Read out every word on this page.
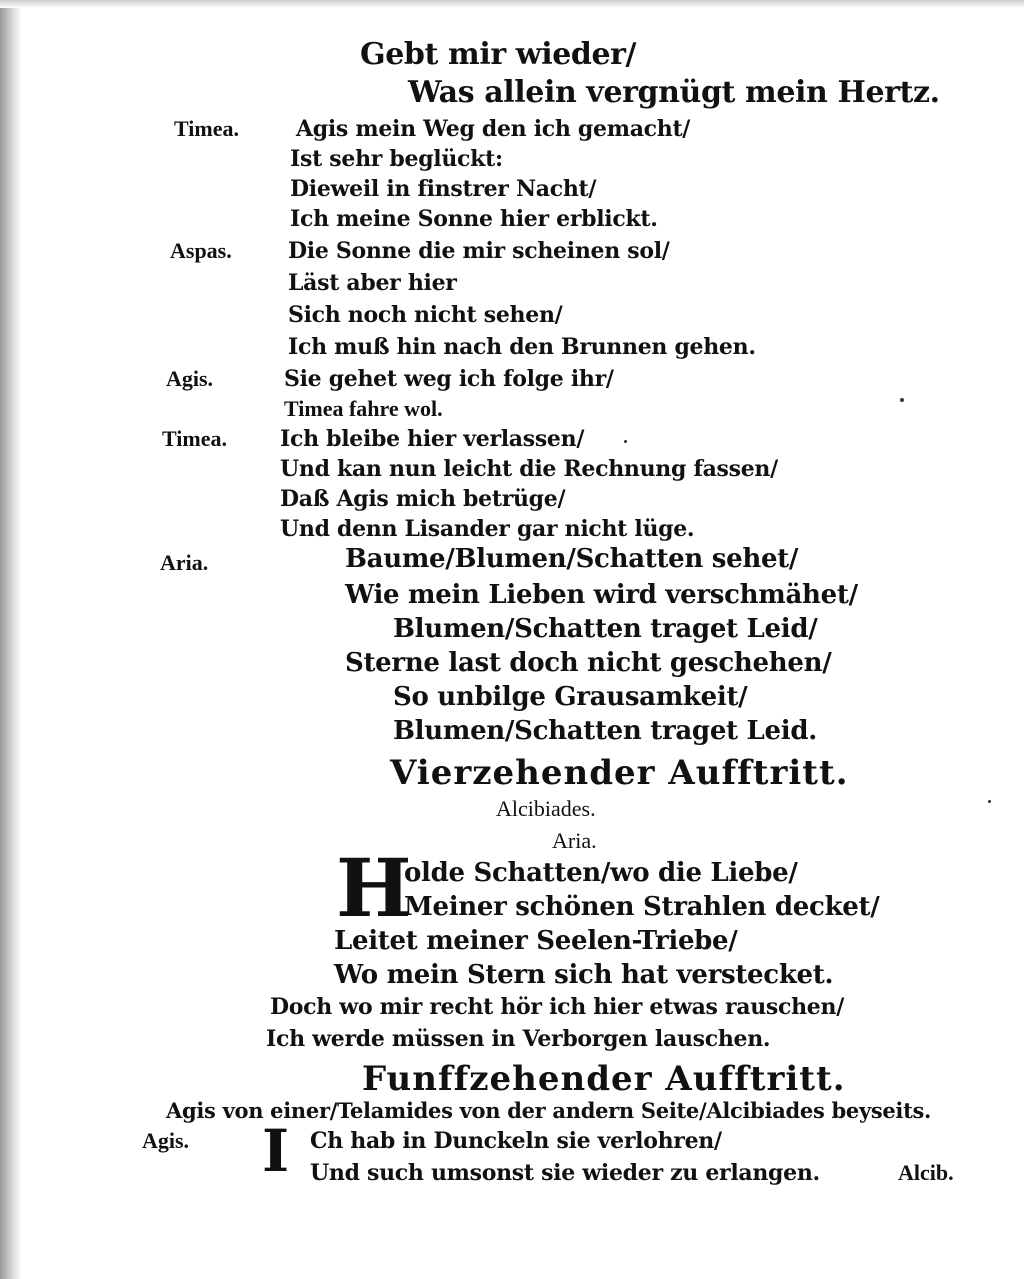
Gebt mir wieder/
Was allein vergnügt mein Hertz.
Timea.	Agis mein Weg den ich gemacht/
Ist sehr beglückt:
Dieweil in finstrer Nacht/
Ich meine Sonne hier erblickt.
Aspas.	Die Sonne die mir scheinen sol/
Läst aber hier
Sich noch nicht sehen/
Ich muß hin nach den Brunnen gehen.
Agis.	Sie gehet weg ich folge ihr/
Timea fahre wol.
Timea. Ich bleibe hier verlassen/
Und kan nun leicht die Rechnung fassen/
Daß Agis mich betrüge/
Und denn Lisander gar nicht lüge.
Aria.	Baume/Blumen/Schatten sehet/
Wie mein Lieben wird verschmähet/
Blumen/Schatten traget Leid/
Sterne last doch nicht geschehen/
So unbilge Grausamkeit/
Blumen/Schatten traget Leid.
Vierzehender Aufftritt.
Alcibiades.
Aria.
H
olde Schatten/wo die Liebe/
Meiner schönen Strahlen decket/
Leitet meiner Seelen-Triebe/
Wo mein Stern sich hat verstecket.
Doch wo mir recht hör ich hier etwas rauschen/
Ich werde müssen in Verborgen lauschen.
Funffzehender Aufftritt.
Agis von einer/Telamides von der andern Seite/Alcibiades beyseits.
Agis. I Ch hab in Dunckeln sie verlohren/
Und such umsonst sie wieder zu erlangen.	Alcib.
